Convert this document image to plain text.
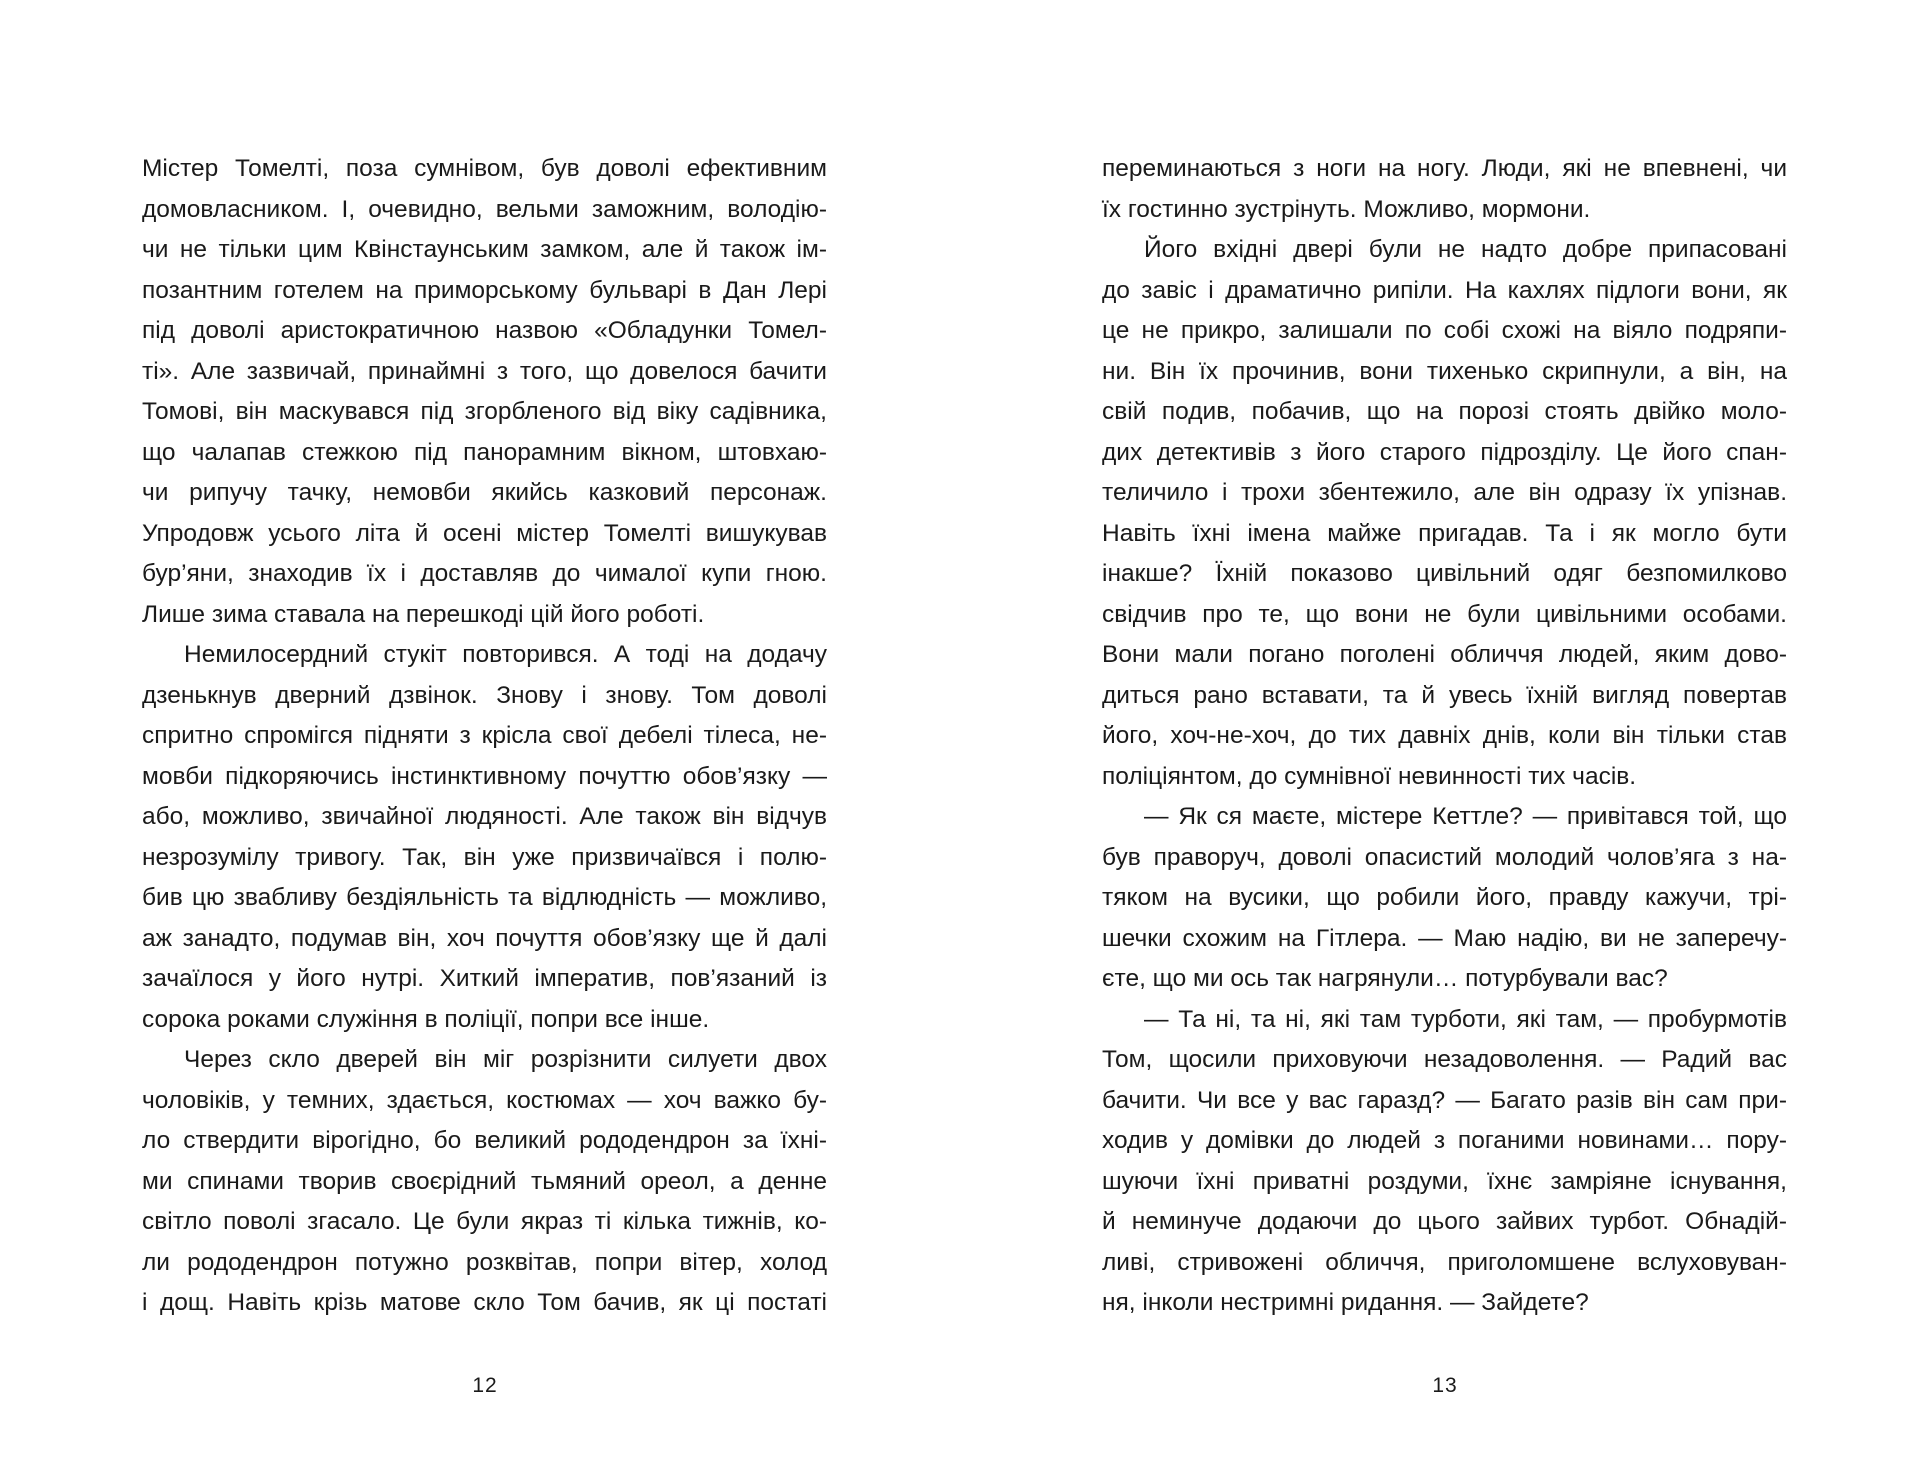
Містер Томелті, поза сумнівом, був доволі ефективним
домовласником. І, очевидно, вельми заможним, володію-
чи не тільки цим Квінстаунським замком, але й також ім-
позантним готелем на приморському бульварі в Дан Лері
під доволі аристократичною назвою «Обладунки Томел-
ті». Але зазвичай, принаймні з того, що довелося бачити
Томові, він маскувався під згорбленого від віку садівника,
що чалапав стежкою під панорамним вікном, штовхаю-
чи рипучу тачку, немовби якийсь казковий персонаж.
Упродовж усього літа й осені містер Томелті вишукував
бур’яни, знаходив їх і доставляв до чималої купи гною.
Лише зима ставала на перешкоді цій його роботі.
Немилосердний стукіт повторився. А тоді на додачу
дзенькнув дверний дзвінок. Знову і знову. Том доволі
спритно спромігся підняти з крісла свої дебелі тілеса, не-
мовби підкоряючись інстинктивному почуттю обов’язку —
або, можливо, звичайної людяності. Але також він відчув
незрозумілу тривогу. Так, він уже призвичаївся і полю-
бив цю звабливу бездіяльність та відлюдність — можливо,
аж занадто, подумав він, хоч почуття обов’язку ще й далі
зачаїлося у його нутрі. Хиткий імператив, пов’язаний із
сорока роками служіння в поліції, попри все інше.
Через скло дверей він міг розрізнити силуети двох
чоловіків, у темних, здається, костюмах — хоч важко бу-
ло ствердити вірогідно, бо великий рододендрон за їхні-
ми спинами творив своєрідний тьмяний ореол, а денне
світло поволі згасало. Це були якраз ті кілька тижнів, ко-
ли рододендрон потужно розквітав, попри вітер, холод
і дощ. Навіть крізь матове скло Том бачив, як ці постаті
12
переминаються з ноги на ногу. Люди, які не впевнені, чи
їх гостинно зустрінуть. Можливо, мормони.
Його вхідні двері були не надто добре припасовані
до завіс і драматично рипіли. На кахлях підлоги вони, як
це не прикро, залишали по собі схожі на віяло подряпи-
ни. Він їх прочинив, вони тихенько скрипнули, а він, на
свій подив, побачив, що на порозі стоять двійко моло-
дих детективів з його старого підрозділу. Це його спан-
теличило і трохи збентежило, але він одразу їх упізнав.
Навіть їхні імена майже пригадав. Та і як могло бути
інакше? Їхній показово цивільний одяг безпомилково
свідчив про те, що вони не були цивільними особами.
Вони мали погано поголені обличчя людей, яким дово-
диться рано вставати, та й увесь їхній вигляд повертав
його, хоч-не-хоч, до тих давніх днів, коли він тільки став
поліціянтом, до сумнівної невинності тих часів.
— Як ся маєте, містере Кеттле? — привітався той, що
був праворуч, доволі опасистий молодий чолов’яга з на-
тяком на вусики, що робили його, правду кажучи, трі-
шечки схожим на Гітлера. — Маю надію, ви не заперечу-
єте, що ми ось так нагрянули… потурбували вас?
— Та ні, та ні, які там турботи, які там, — пробурмотів
Том, щосили приховуючи незадоволення. — Радий вас
бачити. Чи все у вас гаразд? — Багато разів він сам при-
ходив у домівки до людей з поганими новинами… пору-
шуючи їхні приватні роздуми, їхнє замріяне існування,
й неминуче додаючи до цього зайвих турбот. Обнадій-
ливі, стривожені обличчя, приголомшене вслуховуван-
ня, інколи нестримні ридання. — Зайдете?
13
